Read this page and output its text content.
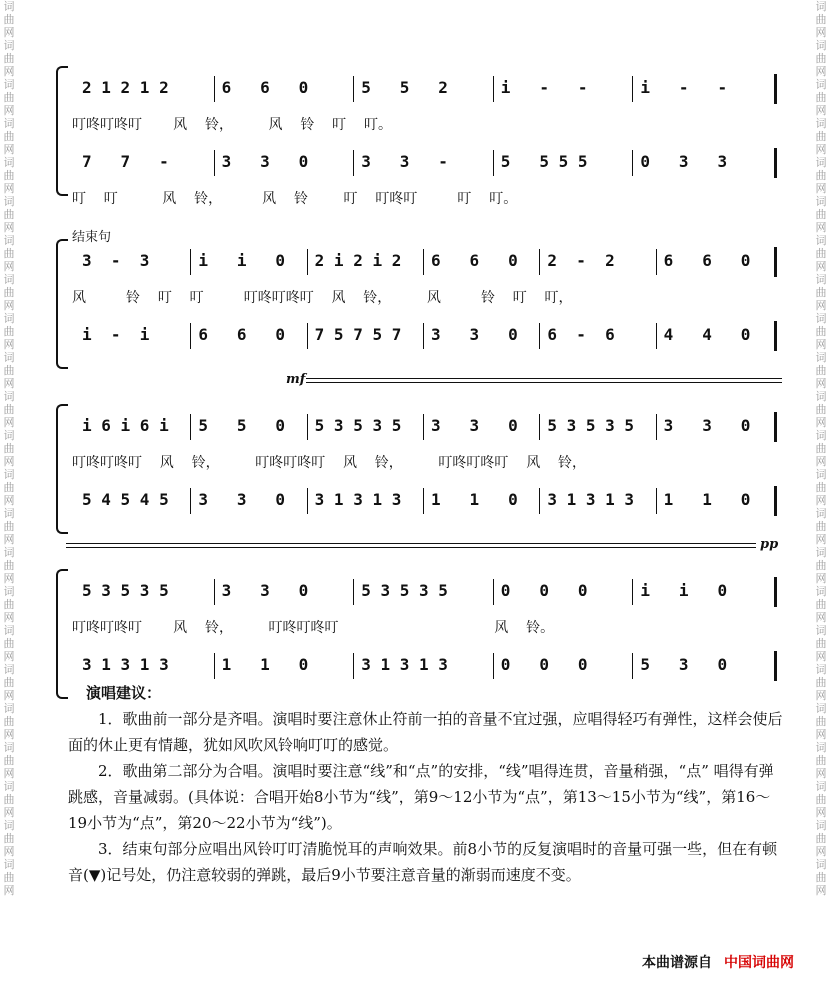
词曲网词曲网词曲网词曲网词曲网词曲网词曲网词曲网词曲网词曲网词曲网词曲网词曲网词曲网词曲网词曲网词曲网词曲网词曲网词曲网词曲网词曲网词曲网
词曲网词曲网词曲网词曲网词曲网词曲网词曲网词曲网词曲网词曲网词曲网词曲网词曲网词曲网词曲网词曲网词曲网词曲网词曲网词曲网词曲网词曲网词曲网
结束句
2 1 2 1 2
7   7   -
6   6   0
3   3   0
5   5   2
3   3   -
i   -   -
5   5 5 5
i   -   -
0   3   3
叮咚叮咚叮       风    铃，        风    铃    叮    叮。
叮    叮          风    铃，         风    铃        叮    叮咚叮         叮    叮。
3  -  3
i  -  i
i   i   0
6   6   0
2 i 2 i 2
7 5 7 5 7
6   6   0
3   3   0
2  -  2
6  -  6
6   6   0
4   4   0
风         铃    叮    叮         叮咚叮咚叮    风    铃，        风         铃    叮    叮，
mf
i 6 i 6 i
5 4 5 4 5
5   5   0
3   3   0
5 3 5 3 5
3 1 3 1 3
3   3   0
1   1   0
5 3 5 3 5
3 1 3 1 3
3   3   0
1   1   0
叮咚叮咚叮    风    铃，        叮咚叮咚叮    风    铃，        叮咚叮咚叮    风    铃，
pp
5 3 5 3 5
3 1 3 1 3
3   3   0
1   1   0
5 3 5 3 5
3 1 3 1 3
0   0   0
0   0   0
i   i   0
5   3   0
叮咚叮咚叮       风    铃，        叮咚叮咚叮                                   风    铃。

演唱建议：

1．歌曲前一部分是齐唱。演唱时要注意休止符前一拍的音量不宜过强，应唱得轻巧有弹性，这样会使后面的休止更有情趣，犹如风吹风铃响叮叮的感觉。

2．歌曲第二部分为合唱。演唱时要注意“线”和“点”的安排，“线”唱得连贯，音量稍强，“点” 唱得有弹跳感，音量减弱。(具体说：合唱开始8小节为“线”，第9～12小节为“点”，第13～15小节为“线”，第16～19小节为“点”，第20～22小节为“线”)。

3．结束句部分应唱出风铃叮叮清脆悦耳的声响效果。前8小节的反复演唱时的音量可强一些，但在有顿音(▼)记号处，仍注意较弱的弹跳，最后9小节要注意音量的渐弱而速度不变。

本曲谱源自 中国词曲网
